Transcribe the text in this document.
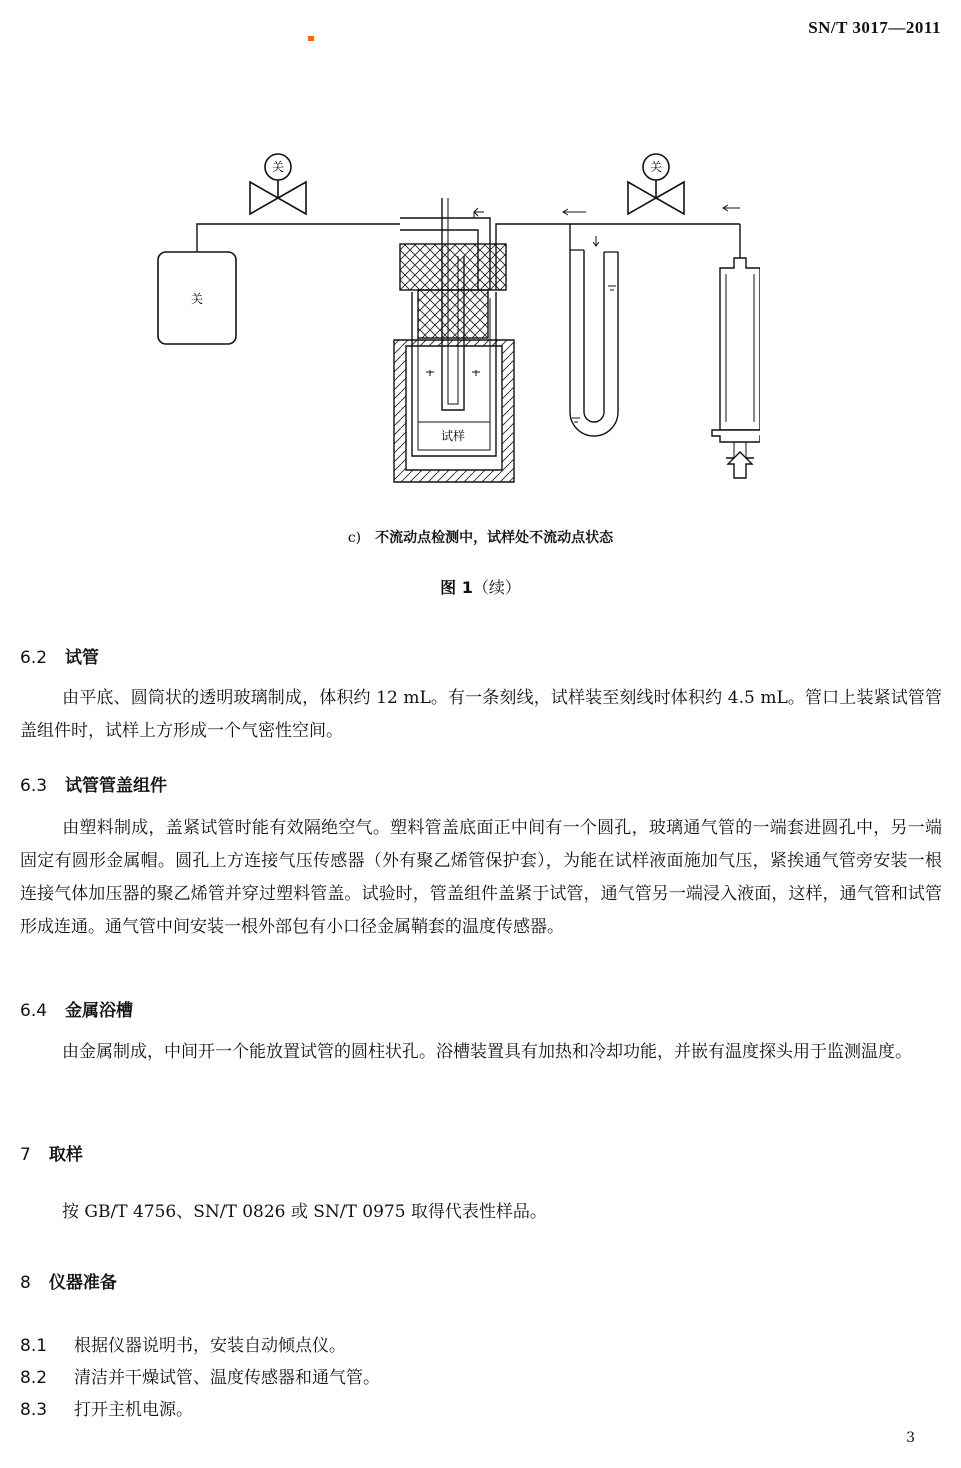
SN/T 3017—2011
关
关
试样
关
c) 不流动点检测中，试样处不流动点状态
图 1（续）
6.2 试管
由平底、圆筒状的透明玻璃制成，体积约 12 mL。有一条刻线，试样装至刻线时体积约 4.5 mL。管口上装紧试管管盖组件时，试样上方形成一个气密性空间。
6.3 试管管盖组件
由塑料制成，盖紧试管时能有效隔绝空气。塑料管盖底面正中间有一个圆孔，玻璃通气管的一端套进圆孔中，另一端固定有圆形金属帽。圆孔上方连接气压传感器（外有聚乙烯管保护套），为能在试样液面施加气压，紧挨通气管旁安装一根连接气体加压器的聚乙烯管并穿过塑料管盖。试验时，管盖组件盖紧于试管，通气管另一端浸入液面，这样，通气管和试管形成连通。通气管中间安装一根外部包有小口径金属鞘套的温度传感器。
6.4 金属浴槽
由金属制成，中间开一个能放置试管的圆柱状孔。浴槽装置具有加热和冷却功能，并嵌有温度探头用于监测温度。
7 取样
按 GB/T 4756、SN/T 0826 或 SN/T 0975 取得代表性样品。
8 仪器准备
8.1 根据仪器说明书，安装自动倾点仪。
8.2 清洁并干燥试管、温度传感器和通气管。
8.3 打开主机电源。
3
